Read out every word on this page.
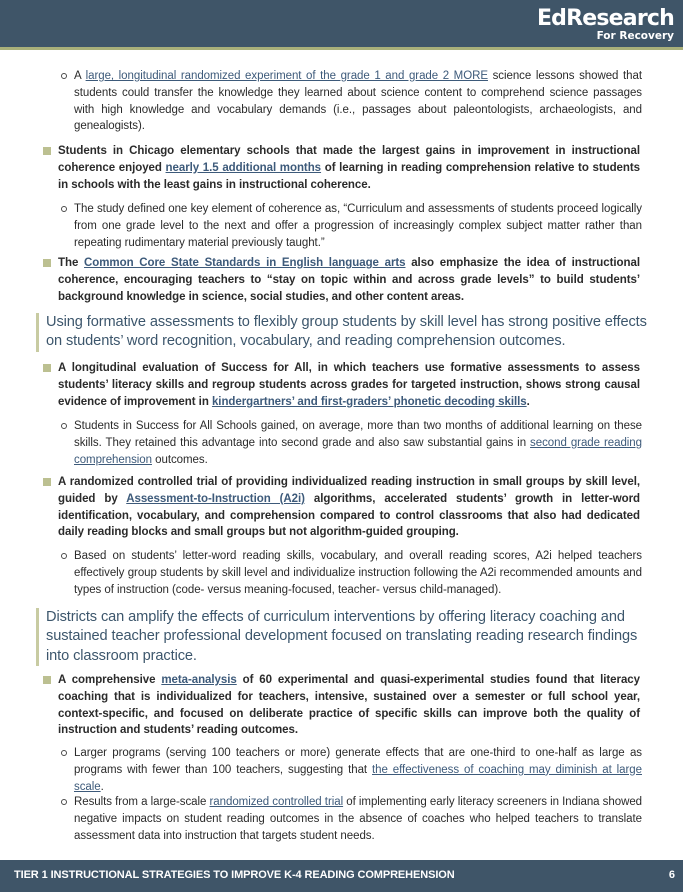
EdResearch
For Recovery
A large, longitudinal randomized experiment of the grade 1 and grade 2 MORE science lessons showed that students could transfer the knowledge they learned about science content to comprehend science passages with high knowledge and vocabulary demands (i.e., passages about paleontologists, archaeologists, and genealogists).
Students in Chicago elementary schools that made the largest gains in improvement in instructional coherence enjoyed nearly 1.5 additional months of learning in reading comprehension relative to students in schools with the least gains in instructional coherence.
The study defined one key element of coherence as, “Curriculum and assessments of students proceed logically from one grade level to the next and offer a progression of increasingly complex subject matter rather than repeating rudimentary material previously taught.”
The Common Core State Standards in English language arts also emphasize the idea of instructional coherence, encouraging teachers to “stay on topic within and across grade levels” to build students’ background knowledge in science, social studies, and other content areas.
Using formative assessments to flexibly group students by skill level has strong positive effects on students’ word recognition, vocabulary, and reading comprehension outcomes.
A longitudinal evaluation of Success for All, in which teachers use formative assessments to assess students’ literacy skills and regroup students across grades for targeted instruction, shows strong causal evidence of improvement in kindergartners’ and first-graders’ phonetic decoding skills.
Students in Success for All Schools gained, on average, more than two months of additional learning on these skills. They retained this advantage into second grade and also saw substantial gains in second grade reading comprehension outcomes.
A randomized controlled trial of providing individualized reading instruction in small groups by skill level, guided by Assessment-to-Instruction (A2i) algorithms, accelerated students’ growth in letter-word identification, vocabulary, and comprehension compared to control classrooms that also had dedicated daily reading blocks and small groups but not algorithm-guided grouping.
Based on students’ letter-word reading skills, vocabulary, and overall reading scores, A2i helped teachers effectively group students by skill level and individualize instruction following the A2i recommended amounts and types of instruction (code- versus meaning-focused, teacher- versus child-managed).
Districts can amplify the effects of curriculum interventions by offering literacy coaching and sustained teacher professional development focused on translating reading research findings into classroom practice.
A comprehensive meta-analysis of 60 experimental and quasi-experimental studies found that literacy coaching that is individualized for teachers, intensive, sustained over a semester or full school year, context-specific, and focused on deliberate practice of specific skills can improve both the quality of instruction and students’ reading outcomes.
Larger programs (serving 100 teachers or more) generate effects that are one-third to one-half as large as programs with fewer than 100 teachers, suggesting that the effectiveness of coaching may diminish at large scale.
Results from a large-scale randomized controlled trial of implementing early literacy screeners in Indiana showed negative impacts on student reading outcomes in the absence of coaches who helped teachers to translate assessment data into instruction that targets student needs.
TIER 1 INSTRUCTIONAL STRATEGIES TO IMPROVE K-4 READING COMPREHENSION	6
